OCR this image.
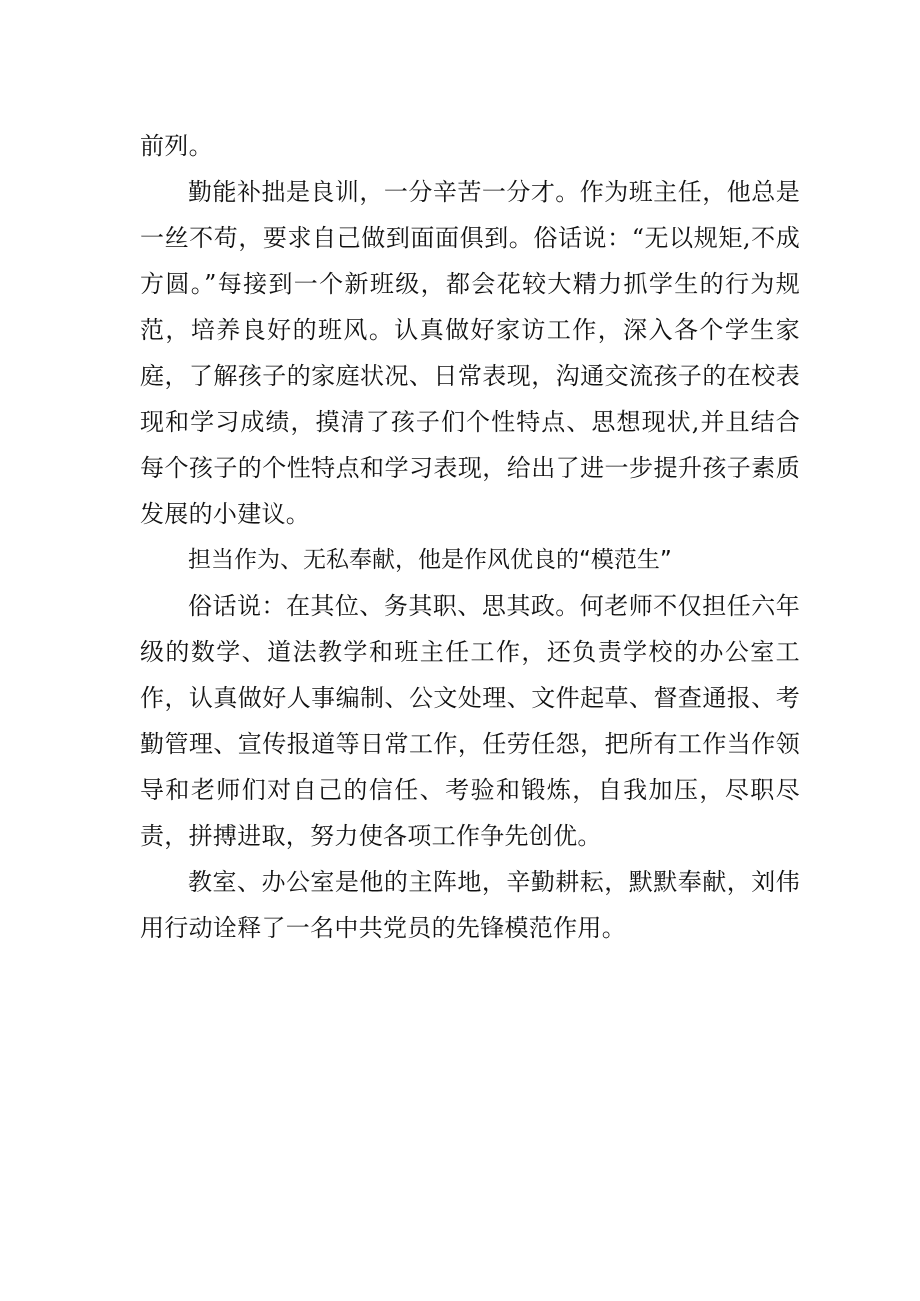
前列。

勤能补拙是良训，一分辛苦一分才。作为班主任，他总是一丝不苟，要求自己做到面面俱到。俗话说：“无以规矩,不成方圆。”每接到一个新班级，都会花较大精力抓学生的行为规范，培养良好的班风。认真做好家访工作，深入各个学生家庭，了解孩子的家庭状况、日常表现，沟通交流孩子的在校表现和学习成绩，摸清了孩子们个性特点、思想现状,并且结合每个孩子的个性特点和学习表现，给出了进一步提升孩子素质发展的小建议。

担当作为、无私奉献，他是作风优良的“模范生”

俗话说：在其位、务其职、思其政。何老师不仅担任六年级的数学、道法教学和班主任工作，还负责学校的办公室工作，认真做好人事编制、公文处理、文件起草、督查通报、考勤管理、宣传报道等日常工作，任劳任怨，把所有工作当作领导和老师们对自己的信任、考验和锻炼，自我加压，尽职尽责，拼搏进取，努力使各项工作争先创优。

教室、办公室是他的主阵地，辛勤耕耘，默默奉献，刘伟用行动诠释了一名中共党员的先锋模范作用。
